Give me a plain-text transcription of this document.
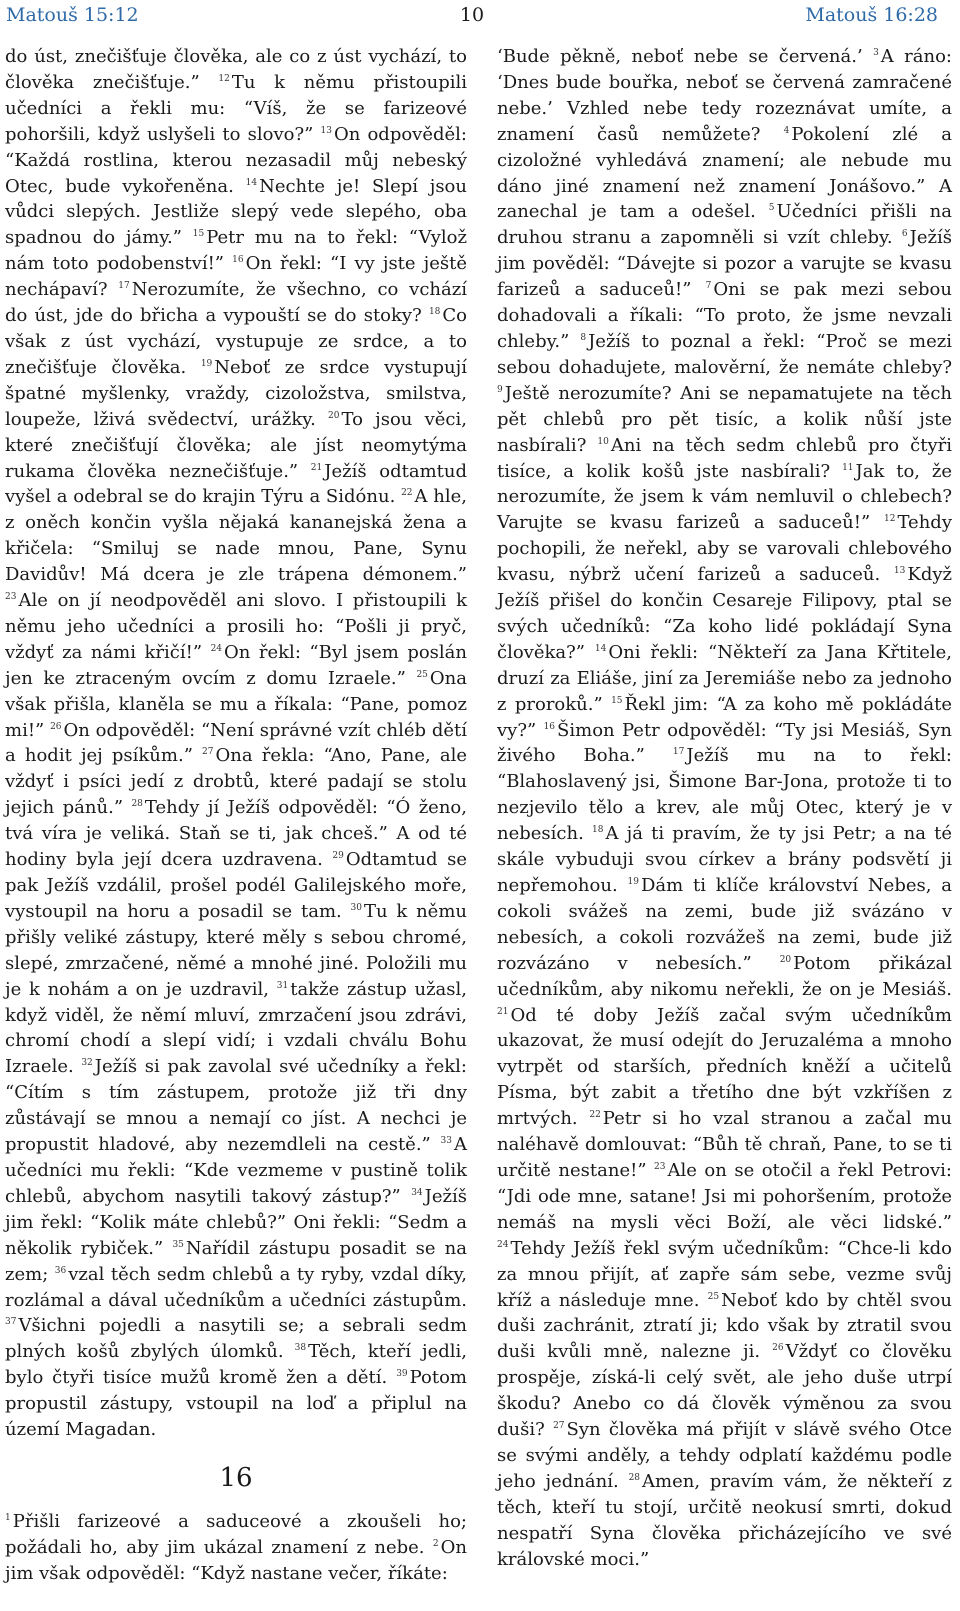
10
Matouš 15:12	Matouš 16:28

do úst, znečišťuje člověka, ale co z úst vychází, to člověka znečišťuje.” $^{12}$ Tu k němu přistoupili učedníci a řekli mu: “Víš, že se farizeové pohoršili, když uslyšeli to slovo?” $^{13}$ On odpověděl: “Každá rostlina, kterou nezasadil můj nebeský Otec, bude vykořeněna. $^{14}$ Nechte je! Slepí jsou vůdci slepých. Jestliže slepý vede slepého, oba spadnou do jámy.” $^{15}$ Petr mu na to řekl: “Vylož nám toto podobenství!” $^{16}$ On řekl: “I vy jste ještě nechápaví? $^{17}$ Nerozumíte, že všechno, co vchází do úst, jde do břicha a vypouští se do stoky? $^{18}$ Co však z úst vychází, vystupuje ze srdce, a to znečišťuje člověka. $^{19}$ Neboť ze srdce vystupují špatné myšlenky, vraždy, cizoložstva, smilstva, loupeže, lživá svědectví, urážky. $^{20}$ To jsou věci, které znečišťují člověka; ale jíst neomytýma rukama člověka neznečišťuje.” $^{21}$ Ježíš odtamtud vyšel a odebral se do krajin Týru a Sidónu. $^{22}$ A hle, z oněch končin vyšla nějaká kananejská žena a křičela: “Smiluj se nade mnou, Pane, Synu Davidův! Má dcera je zle trápena démonem.” $^{23}$ Ale on jí neodpověděl ani slovo. I přistoupili k němu jeho učedníci a prosili ho: “Pošli ji pryč, vždyť za námi křičí!” $^{24}$ On řekl: “Byl jsem poslán jen ke ztraceným ovcím z domu Izraele.” $^{25}$ Ona však přišla, klaněla se mu a říkala: “Pane, pomoz mi!” $^{26}$ On odpověděl: “Není správné vzít chléb dětí a hodit jej psíkům.” $^{27}$ Ona řekla: “Ano, Pane, ale vždyť i psíci jedí z drobtů, které padají se stolu jejich pánů.” $^{28}$ Tehdy jí Ježíš odpověděl: “Ó ženo, tvá víra je veliká. Staň se ti, jak chceš.” A od té hodiny byla její dcera uzdravena. $^{29}$ Odtamtud se pak Ježíš vzdálil, prošel podél Galilejského moře, vystoupil na horu a posadil se tam. $^{30}$ Tu k němu přišly veliké zástupy, které měly s sebou chromé, slepé, zmrzačené, němé a mnohé jiné. Položili mu je k nohám a on je uzdravil, $^{31}$ takže zástup užasl, když viděl, že němí mluví, zmrzačení jsou zdrávi, chromí chodí a slepí vidí; i vzdali chválu Bohu Izraele. $^{32}$ Ježíš si pak zavolal své učedníky a řekl: “Cítím s tím zástupem, protože již tři dny zůstávají se mnou a nemají co jíst. A nechci je propustit hladové, aby nezemdleli na cestě.” $^{33}$ A učedníci mu řekli: “Kde vezmeme v pustině tolik chlebů, abychom nasytili takový zástup?” $^{34}$ Ježíš jim řekl: “Kolik máte chlebů?” Oni řekli: “Sedm a několik rybiček.” $^{35}$ Nařídil zástupu posadit se na zem; $^{36}$ vzal těch sedm chlebů a ty ryby, vzdal díky, rozlámal a dával učedníkům a učedníci zástupům. $^{37}$ Všichni pojedli a nasytili se; a sebrali sedm plných košů zbylých úlomků. $^{38}$ Těch, kteří jedli, bylo čtyři tisíce mužů kromě žen a dětí. $^{39}$ Potom propustil zástupy, vstoupil na loď a připlul na území Magadan.

16

$^1$ Přišli farizeové a saduceové a zkoušeli ho; požádali ho, aby jim ukázal znamení z nebe. $^2$ On jim však odpověděl: “Když nastane večer, říkáte:

‘Bude pěkně, neboť nebe se červená.’ $^3$ A ráno: ‘Dnes bude bouřka, neboť se červená zamračené nebe.’ Vzhled nebe tedy rozeznávat umíte, a znamení časů nemůžete?	$^4$ Pokolení zlé a cizoložné vyhledává znamení; ale nebude mu dáno jiné znamení než znamení Jonášovo.” A zanechal je tam a odešel. $^5$ Učedníci přišli na druhou stranu a zapomněli si vzít chleby. $^6$ Ježíš jim pověděl: “Dávejte si pozor a varujte se kvasu farizeů a saduceů!” $^7$ Oni se pak mezi sebou dohadovali a říkali: “To proto, že jsme nevzali chleby.” $^8$ Ježíš to poznal a řekl: “Proč se mezi sebou dohadujete, malověrní, že nemáte chleby? $^9$ Ještě nerozumíte? Ani se nepamatujete na těch pět chlebů pro pět tisíc, a kolik nůší jste nasbírali? $^{10}$ Ani na těch sedm chlebů pro čtyři tisíce, a kolik košů jste nasbírali? $^{11}$ Jak to, že nerozumíte, že jsem k vám nemluvil o chlebech? Varujte se kvasu farizeů a saduceů!” $^{12}$ Tehdy pochopili, že neřekl, aby se varovali chlebového kvasu, nýbrž učení farizeů a saduceů. $^{13}$ Když Ježíš přišel do končin Cesareje Filipovy, ptal se svých učedníků: “Za koho lidé pokládají Syna člověka?” $^{14}$ Oni řekli: “Někteří za Jana Křtitele, druzí za Eliáše, jiní za Jeremiáše nebo za jednoho z proroků.” $^{15}$ Řekl jim: “A za koho mě pokládáte vy?” $^{16}$ Šimon Petr odpověděl: “Ty jsi Mesiáš, Syn živého Boha.”	$^{17}$ Ježíš mu na to řekl: “Blahoslavený jsi, Šimone Bar-Jona, protože ti to nezjevilo tělo a krev, ale můj Otec, který je v nebesích. $^{18}$ A já ti pravím, že ty jsi Petr; a na té skále vybuduji svou církev a brány podsvětí ji nepřemohou. $^{19}$ Dám ti klíče království Nebes, a cokoli svážeš na zemi, bude již svázáno v nebesích, a cokoli rozvážeš na zemi, bude již rozvázáno v nebesích.”	$^{20}$ Potom přikázal učedníkům, aby nikomu neřekli, že on je Mesiáš. $^{21}$ Od té doby Ježíš začal svým učedníkům ukazovat, že musí odejít do Jeruzaléma a mnoho vytrpět od starších, předních kněží a učitelů Písma, být zabit a třetího dne být vzkříšen z mrtvých. $^{22}$ Petr si ho vzal stranou a začal mu naléhavě domlouvat: “Bůh tě chraň, Pane, to se ti určitě nestane!” $^{23}$ Ale on se otočil a řekl Petrovi: “Jdi ode mne, satane! Jsi mi pohoršením, protože nemáš na mysli věci Boží, ale věci lidské.” $^{24}$ Tehdy Ježíš řekl svým učedníkům: “Chce-li kdo za mnou přijít, ať zapře sám sebe, vezme svůj kříž a následuje mne. $^{25}$ Neboť kdo by chtěl svou duši zachránit, ztratí ji; kdo však by ztratil svou duši kvůli mně, nalezne ji. $^{26}$ Vždyť co člověku prospěje, získá-li celý svět, ale jeho duše utrpí škodu? Anebo co dá člověk výměnou za svou duši? $^{27}$ Syn člověka má přijít v slávě svého Otce se svými anděly, a tehdy odplatí každému podle jeho jednání. $^{28}$ Amen, pravím vám, že někteří z těch, kteří tu stojí, určitě neokusí smrti, dokud nespatří Syna člověka přicházejícího ve své královské moci.”
